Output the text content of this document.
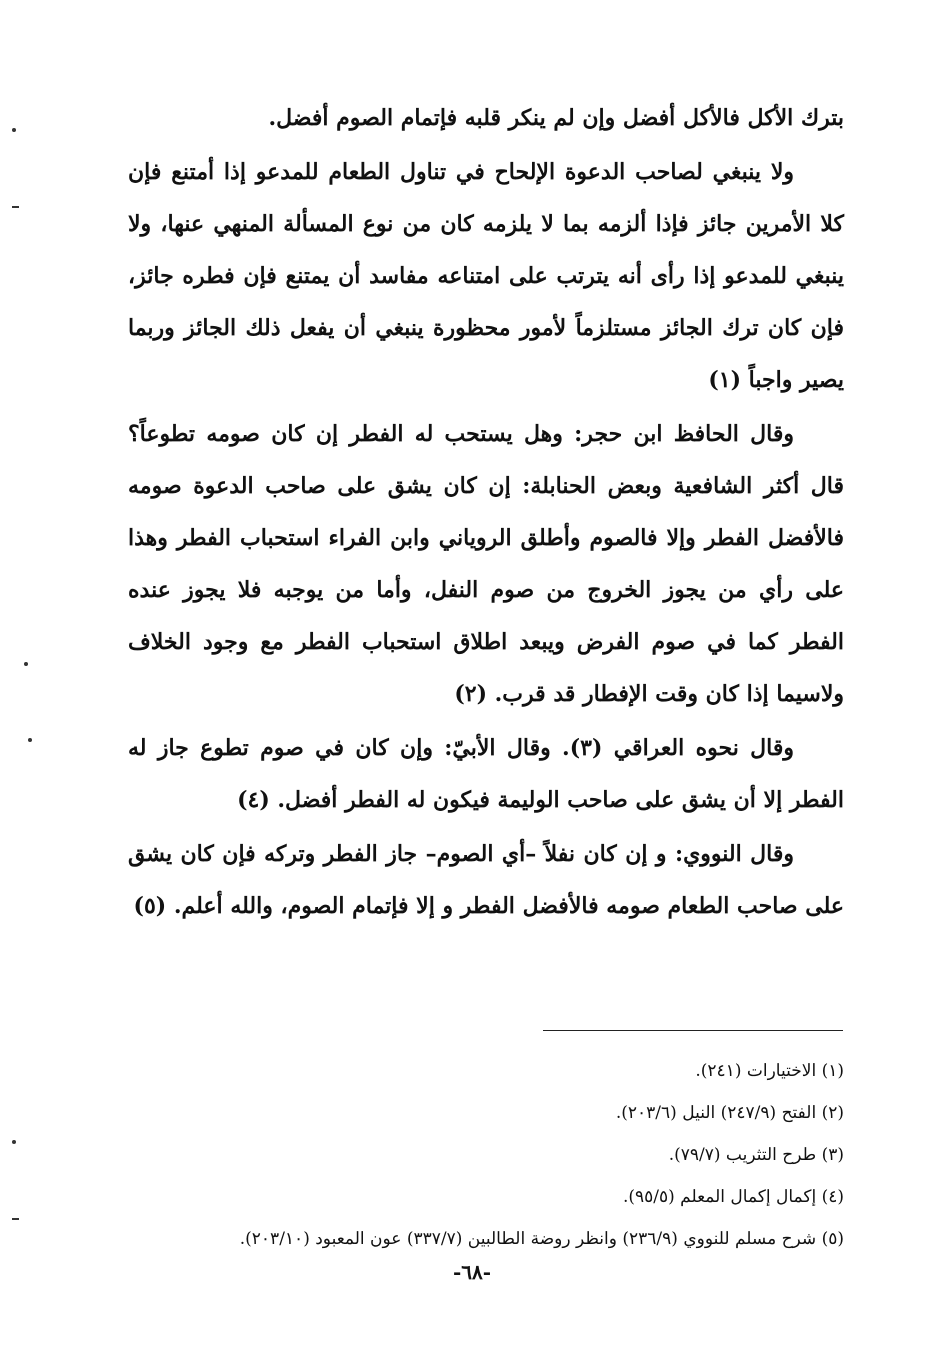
بترك الأكل فالأكل أفضل وإن لم ينكر قلبه فإتمام الصوم أفضل.

ولا ينبغي لصاحب الدعوة الإلحاح في تناول الطعام للمدعو إذا أمتنع فإن كلا الأمرين جائز فإذا ألزمه بما لا يلزمه كان من نوع المسألة المنهي عنها، ولا ينبغي للمدعو إذا رأى أنه يترتب على امتناعه مفاسد أن يمتنع فإن فطره جائز، فإن كان ترك الجائز مستلزماً لأمور محظورة ينبغي أن يفعل ذلك الجائز وربما يصير واجباً (١)

وقال الحافظ ابن حجر: وهل يستحب له الفطر إن كان صومه تطوعاً؟ قال أكثر الشافعية وبعض الحنابلة: إن كان يشق على صاحب الدعوة صومه فالأفضل الفطر وإلا فالصوم وأطلق الروياني وابن الفراء استحباب الفطر وهذا على رأي من يجوز الخروج من صوم النفل، وأما من يوجبه فلا يجوز عنده الفطر كما في صوم الفرض ويبعد اطلاق استحباب الفطر مع وجود الخلاف ولاسيما إذا كان وقت الإفطار قد قرب. (٢)

وقال نحوه العراقي (٣). وقال الأبيّ: وإن كان في صوم تطوع جاز له الفطر إلا أن يشق على صاحب الوليمة فيكون له الفطر أفضل. (٤)

وقال النووي: و إن كان نفلاً –أي الصوم– جاز الفطر وتركه فإن كان يشق على صاحب الطعام صومه فالأفضل الفطر و إلا فإتمام الصوم، والله أعلم. (٥)

(١) الاختيارات (٢٤١).

(٢) الفتح (٢٤٧/٩) النيل (٢٠٣/٦).

(٣) طرح التثريب (٧٩/٧).

(٤) إكمال إكمال المعلم (٩٥/٥).

(٥) شرح مسلم للنووي (٢٣٦/٩) وانظر روضة الطالبين (٣٣٧/٧) عون المعبود (٢٠٣/١٠).

-٦٨-
